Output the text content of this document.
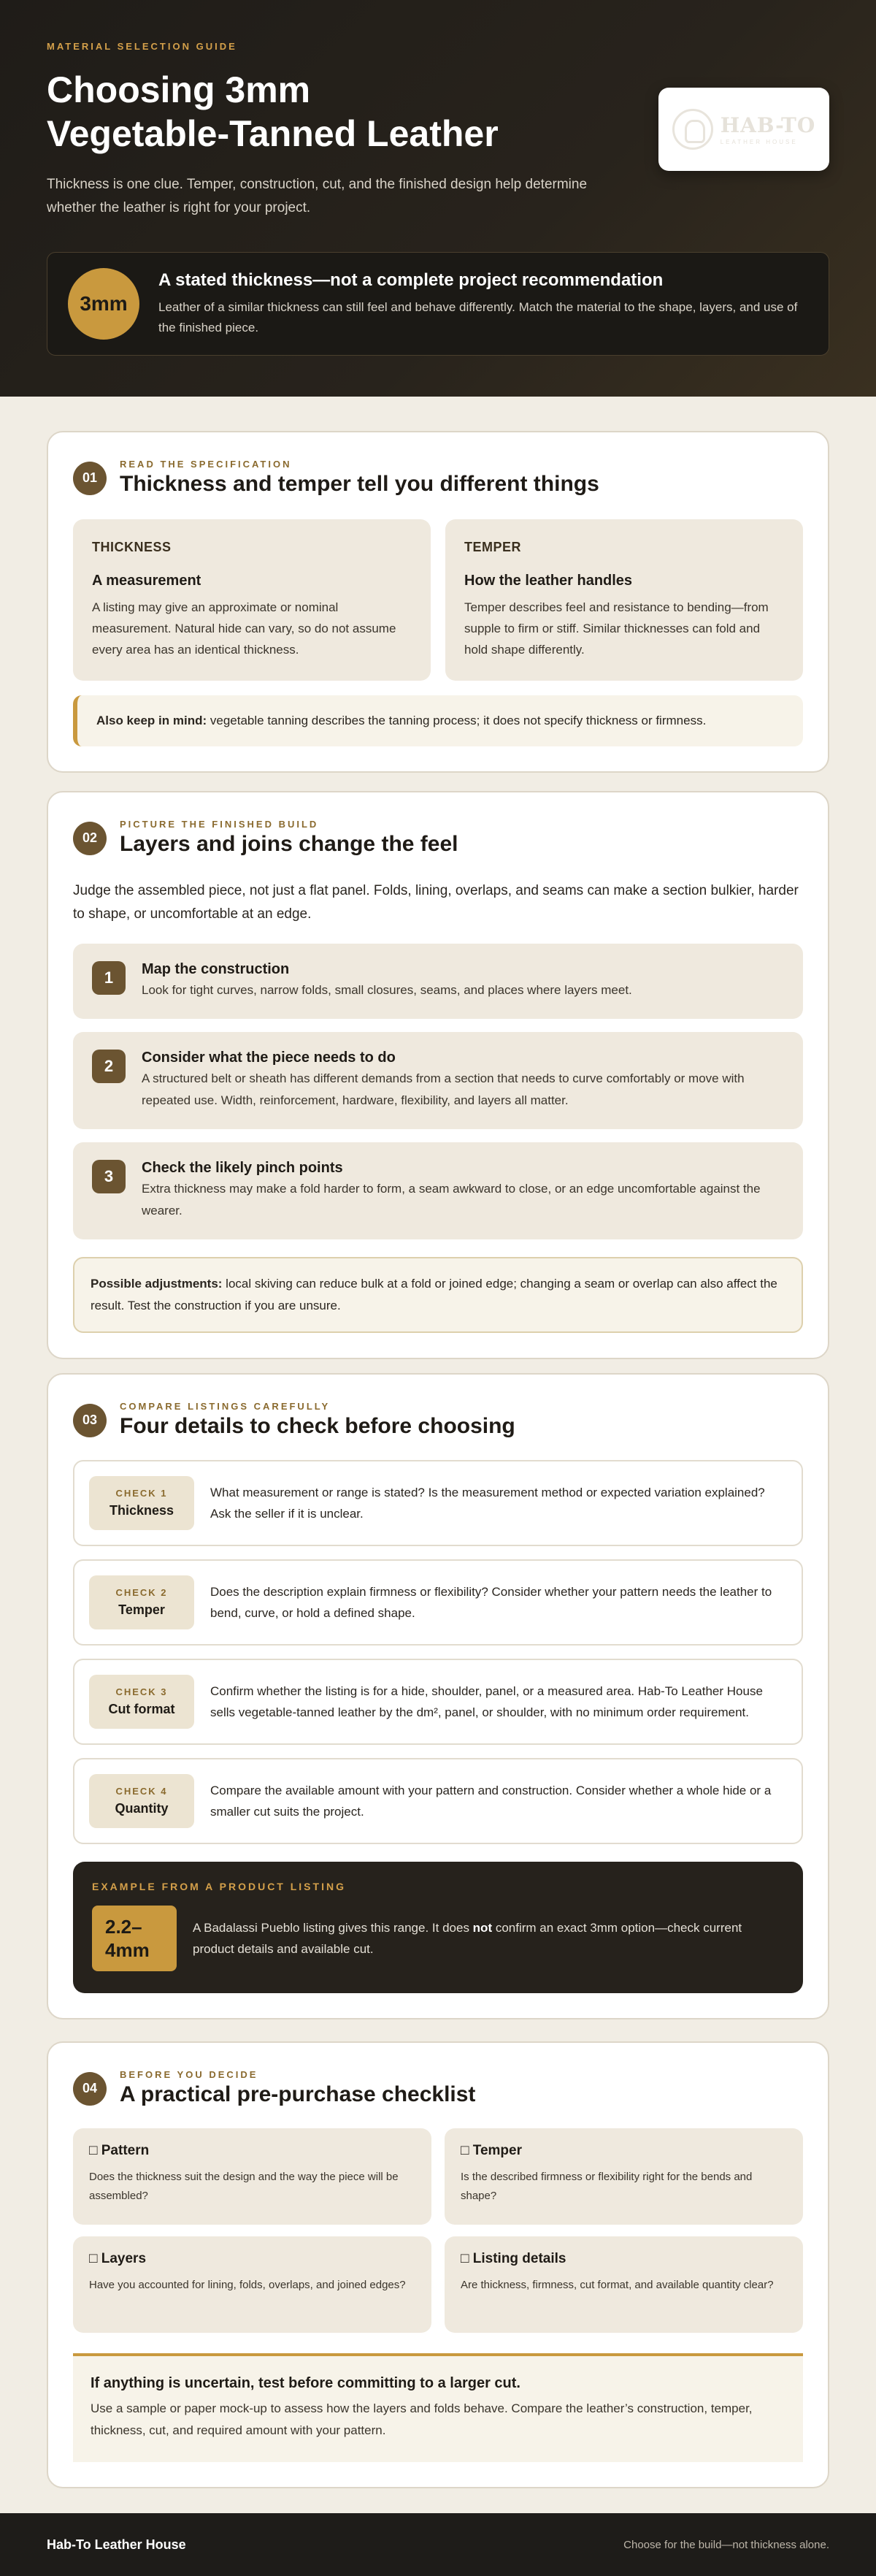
MATERIAL SELECTION GUIDE
Choosing 3mm
Vegetable-Tanned Leather

Thickness is one clue. Temper, construction, cut, and the finished design help determine whether the leather is right for your project.

HAB-TO
LEATHER HOUSE
3mm
A stated thickness—not a complete project recommendation

Leather of a similar thickness can still feel and behave differently. Match the material to the shape, layers, and use of the finished piece.

01
READ THE SPECIFICATION
Thickness and temper tell you different things
THICKNESS
A measurement

A listing may give an approximate or nominal measurement. Natural hide can vary, so do not assume every area has an identical thickness.

TEMPER
How the leather handles

Temper describes feel and resistance to bending—from supple to firm or stiff. Similar thicknesses can fold and hold shape differently.

Also keep in mind: vegetable tanning describes the tanning process; it does not specify thickness or firmness.
02
PICTURE THE FINISHED BUILD
Layers and joins change the feel

Judge the assembled piece, not just a flat panel. Folds, lining, overlaps, and seams can make a section bulkier, harder to shape, or uncomfortable at an edge.

1	Map the construction

Look for tight curves, narrow folds, small closures, seams, and places where layers meet.

2	Consider what the piece needs to do

A structured belt or sheath has different demands from a section that needs to curve comfortably or move with repeated use. Width, reinforcement, hardware, flexibility, and layers all matter.

3	Check the likely pinch points

Extra thickness may make a fold harder to form, a seam awkward to close, or an edge uncomfortable against the wearer.

Possible adjustments: local skiving can reduce bulk at a fold or joined edge; changing a seam or overlap can also affect the result. Test the construction if you are unsure.
03
COMPARE LISTINGS CAREFULLY
Four details to check before choosing
CHECK 1
Thickness
What measurement or range is stated? Is the measurement method or expected variation explained? Ask the seller if it is unclear.
CHECK 2
Temper
Does the description explain firmness or flexibility? Consider whether your pattern needs the leather to bend, curve, or hold a defined shape.
CHECK 3
Cut format
Confirm whether the listing is for a hide, shoulder, panel, or a measured area. Hab-To Leather House sells vegetable-tanned leather by the dm², panel, or shoulder, with no minimum order requirement.
CHECK 4
Quantity
Compare the available amount with your pattern and construction. Consider whether a whole hide or a smaller cut suits the project.
EXAMPLE FROM A PRODUCT LISTING
2.2–
4mm
A Badalassi Pueblo listing gives this range. It does not confirm an exact 3mm option—check current product details and available cut.
04
BEFORE YOU DECIDE
A practical pre-purchase checklist
□ Pattern

Does the thickness suit the design and the way the piece will be assembled?

□ Temper

Is the described firmness or flexibility right for the bends and shape?

□ Layers

Have you accounted for lining, folds, overlaps, and joined edges?

□ Listing details

Are thickness, firmness, cut format, and available quantity clear?

If anything is uncertain, test before committing to a larger cut.

Use a sample or paper mock-up to assess how the layers and folds behave. Compare the leather’s construction, temper, thickness, cut, and required amount with your pattern.

Hab-To Leather House	Choose for the build—not thickness alone.
